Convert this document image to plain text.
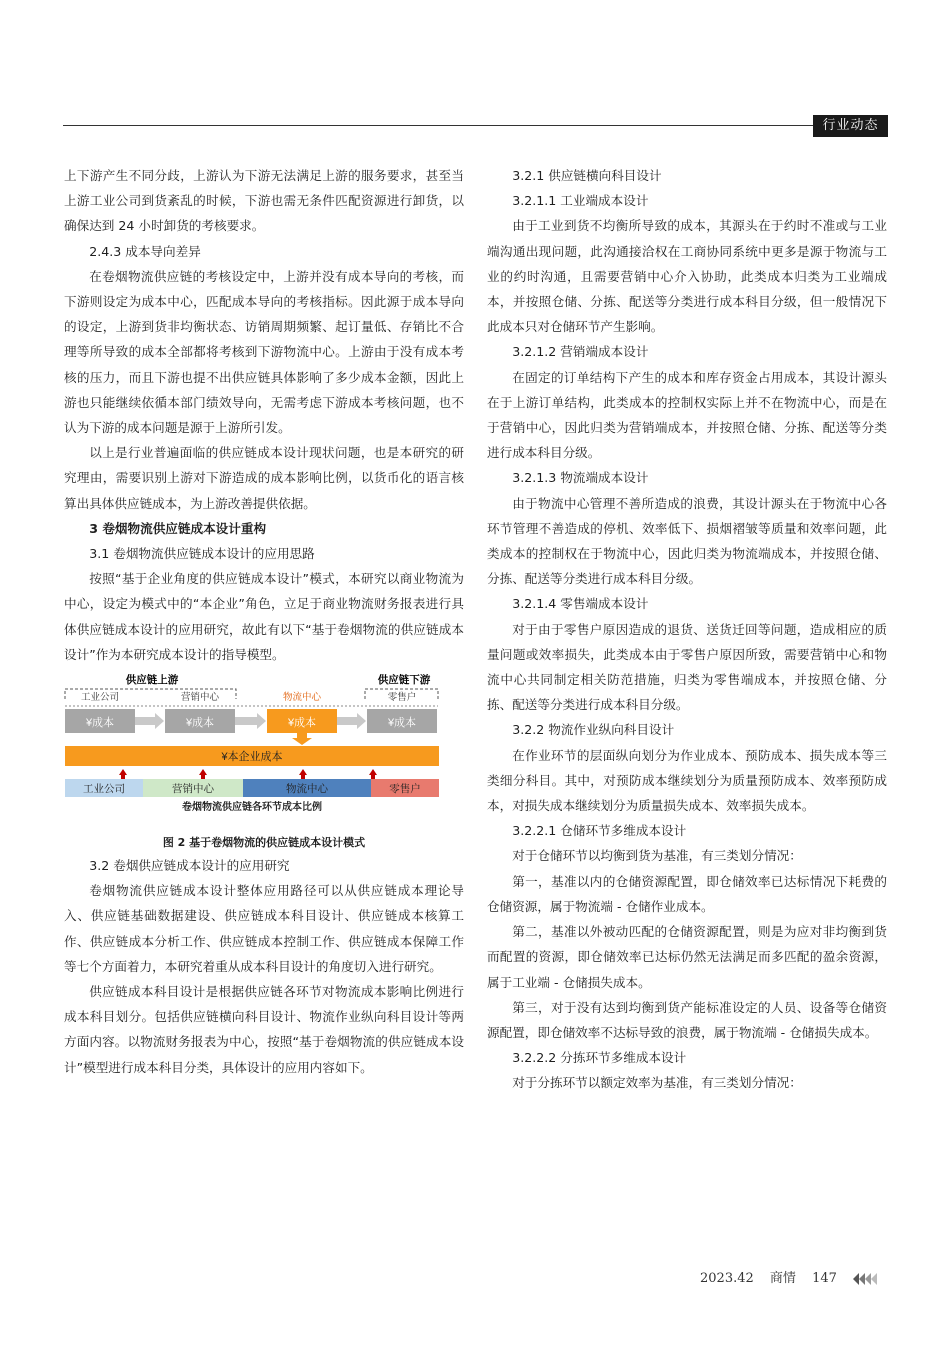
行业动态

上下游产生不同分歧，上游认为下游无法满足上游的服务要求，甚至当上游工业公司到货紊乱的时候，下游也需无条件匹配资源进行卸货，以确保达到 24 小时卸货的考核要求。

2.4.3 成本导向差异

在卷烟物流供应链的考核设定中，上游并没有成本导向的考核，而下游则设定为成本中心，匹配成本导向的考核指标。因此源于成本导向的设定，上游到货非均衡状态、访销周期频繁、起订量低、存销比不合理等所导致的成本全部都将考核到下游物流中心。上游由于没有成本考核的压力，而且下游也提不出供应链具体影响了多少成本金额，因此上游也只能继续依循本部门绩效导向，无需考虑下游成本考核问题，也不认为下游的成本问题是源于上游所引发。

以上是行业普遍面临的供应链成本设计现状问题，也是本研究的研究理由，需要识别上游对下游造成的成本影响比例，以货币化的语言核算出具体供应链成本，为上游改善提供依据。

3 卷烟物流供应链成本设计重构

3.1 卷烟物流供应链成本设计的应用思路

按照“基于企业角度的供应链成本设计”模式，本研究以商业物流为中心，设定为模式中的“本企业”角色，立足于商业物流财务报表进行具体供应链成本设计的应用研究，故此有以下“基于卷烟物流的供应链成本设计”作为本研究成本设计的指导模型。

供应链上游	供应链下游
工业公司	营销中心	物流中心	零售户
¥成本	¥成本	¥成本	¥成本
¥本企业成本
工业公司	营销中心	物流中心	零售户
卷烟物流供应链各环节成本比例

图 2 基于卷烟物流的供应链成本设计模式

3.2 卷烟供应链成本设计的应用研究

卷烟物流供应链成本设计整体应用路径可以从供应链成本理论导入、供应链基础数据建设、供应链成本科目设计、供应链成本核算工作、供应链成本分析工作、供应链成本控制工作、供应链成本保障工作等七个方面着力，本研究着重从成本科目设计的角度切入进行研究。

供应链成本科目设计是根据供应链各环节对物流成本影响比例进行成本科目划分。包括供应链横向科目设计、物流作业纵向科目设计等两方面内容。以物流财务报表为中心，按照“基于卷烟物流的供应链成本设计”模型进行成本科目分类，具体设计的应用内容如下。

3.2.1 供应链横向科目设计

3.2.1.1 工业端成本设计

由于工业到货不均衡所导致的成本，其源头在于约时不准或与工业端沟通出现问题，此沟通接洽权在工商协同系统中更多是源于物流与工业的约时沟通，且需要营销中心介入协助，此类成本归类为工业端成本，并按照仓储、分拣、配送等分类进行成本科目分级，但一般情况下此成本只对仓储环节产生影响。

3.2.1.2 营销端成本设计

在固定的订单结构下产生的成本和库存资金占用成本，其设计源头在于上游订单结构，此类成本的控制权实际上并不在物流中心，而是在于营销中心，因此归类为营销端成本，并按照仓储、分拣、配送等分类进行成本科目分级。

3.2.1.3 物流端成本设计

由于物流中心管理不善所造成的浪费，其设计源头在于物流中心各环节管理不善造成的停机、效率低下、损烟褶皱等质量和效率问题，此类成本的控制权在于物流中心，因此归类为物流端成本，并按照仓储、分拣、配送等分类进行成本科目分级。

3.2.1.4 零售端成本设计

对于由于零售户原因造成的退货、送货迁回等问题，造成相应的质量问题或效率损失，此类成本由于零售户原因所致，需要营销中心和物流中心共同制定相关防范措施，归类为零售端成本，并按照仓储、分拣、配送等分类进行成本科目分级。

3.2.2 物流作业纵向科目设计

在作业环节的层面纵向划分为作业成本、预防成本、损失成本等三类细分科目。其中，对预防成本继续划分为质量预防成本、效率预防成本，对损失成本继续划分为质量损失成本、效率损失成本。

3.2.2.1 仓储环节多维成本设计

对于仓储环节以均衡到货为基准，有三类划分情况：

第一，基准以内的仓储资源配置，即仓储效率已达标情况下耗费的仓储资源，属于物流端 - 仓储作业成本。

第二，基准以外被动匹配的仓储资源配置，则是为应对非均衡到货而配置的资源，即仓储效率已达标仍然无法满足而多匹配的盈余资源，属于工业端 - 仓储损失成本。

第三，对于没有达到均衡到货产能标准设定的人员、设备等仓储资源配置，即仓储效率不达标导致的浪费，属于物流端 - 仓储损失成本。

3.2.2.2 分拣环节多维成本设计

对于分拣环节以额定效率为基准，有三类划分情况：

2023.42 商情 147
